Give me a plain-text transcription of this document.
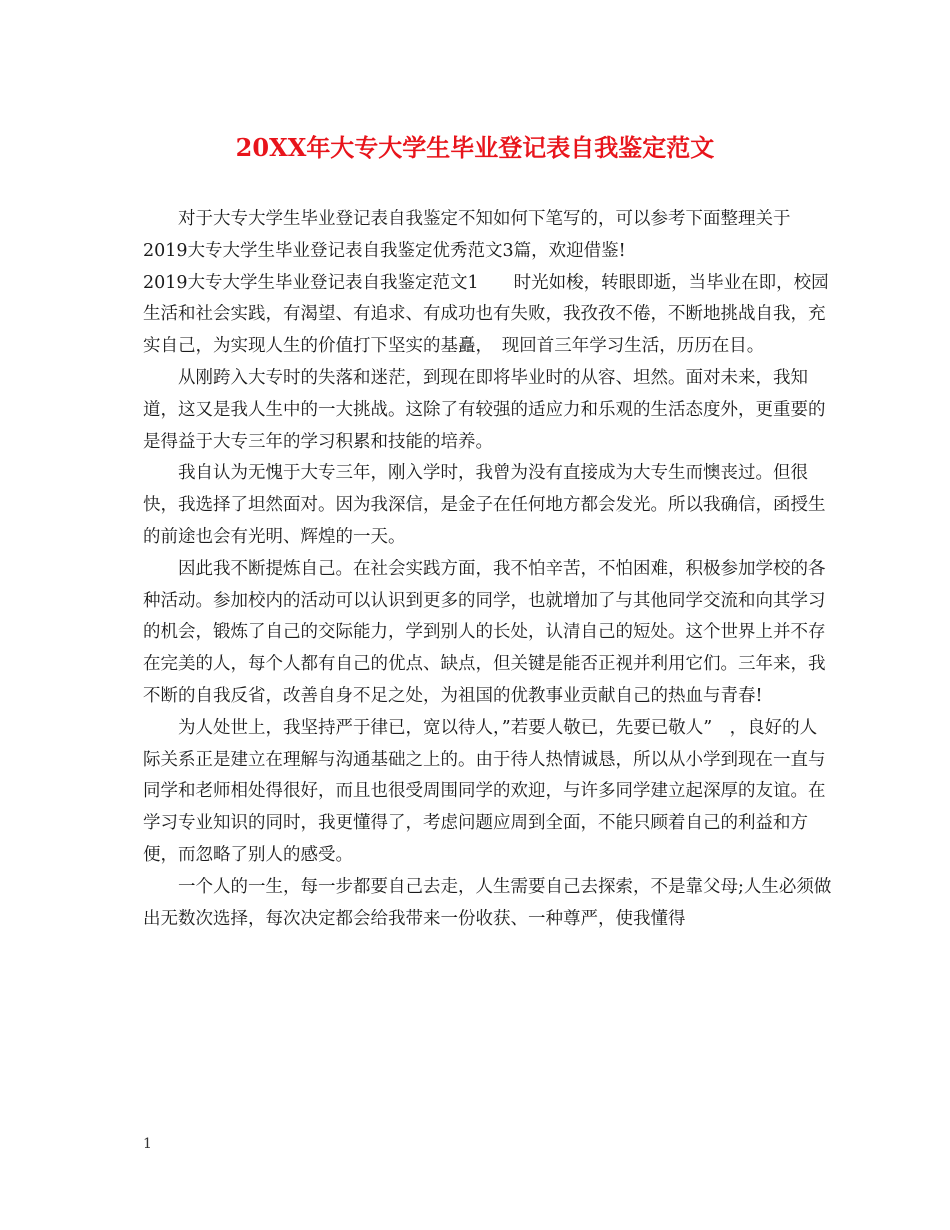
20XX年大专大学生毕业登记表自我鉴定范文

对于大专大学生毕业登记表自我鉴定不知如何下笔写的，可以参考下面整理关于2019大专大学生毕业登记表自我鉴定优秀范文3篇，欢迎借鉴!

2019大专大学生毕业登记表自我鉴定范文1　　时光如梭，转眼即逝，当毕业在即，校园生活和社会实践，有渴望、有追求、有成功也有失败，我孜孜不倦，不断地挑战自我，充实自己，为实现人生的价值打下坚实的基矗，　现回首三年学习生活，历历在目。

从刚跨入大专时的失落和迷茫，到现在即将毕业时的从容、坦然。面对未来，我知道，这又是我人生中的一大挑战。这除了有较强的适应力和乐观的生活态度外，更重要的是得益于大专三年的学习积累和技能的培养。

我自认为无愧于大专三年，刚入学时，我曾为没有直接成为大专生而懊丧过。但很快，我选择了坦然面对。因为我深信，是金子在任何地方都会发光。所以我确信，函授生的前途也会有光明、辉煌的一天。

因此我不断提炼自己。在社会实践方面，我不怕辛苦，不怕困难，积极参加学校的各种活动。参加校内的活动可以认识到更多的同学，也就增加了与其他同学交流和向其学习的机会，锻炼了自己的交际能力，学到别人的长处，认清自己的短处。这个世界上并不存在完美的人，每个人都有自己的优点、缺点，但关键是能否正视并利用它们。三年来，我不断的自我反省，改善自身不足之处，为祖国的优教事业贡献自己的热血与青春!

为人处世上，我坚持严于律已，宽以待人，”若要人敬已，先要已敬人”　，良好的人际关系正是建立在理解与沟通基础之上的。由于待人热情诚恳，所以从小学到现在一直与同学和老师相处得很好，而且也很受周围同学的欢迎，与许多同学建立起深厚的友谊。在学习专业知识的同时，我更懂得了，考虑问题应周到全面，不能只顾着自己的利益和方便，而忽略了别人的感受。

一个人的一生，每一步都要自己去走，人生需要自己去探索，不是靠父母;人生必须做出无数次选择，每次决定都会给我带来一份收获、一种尊严，使我懂得

1
